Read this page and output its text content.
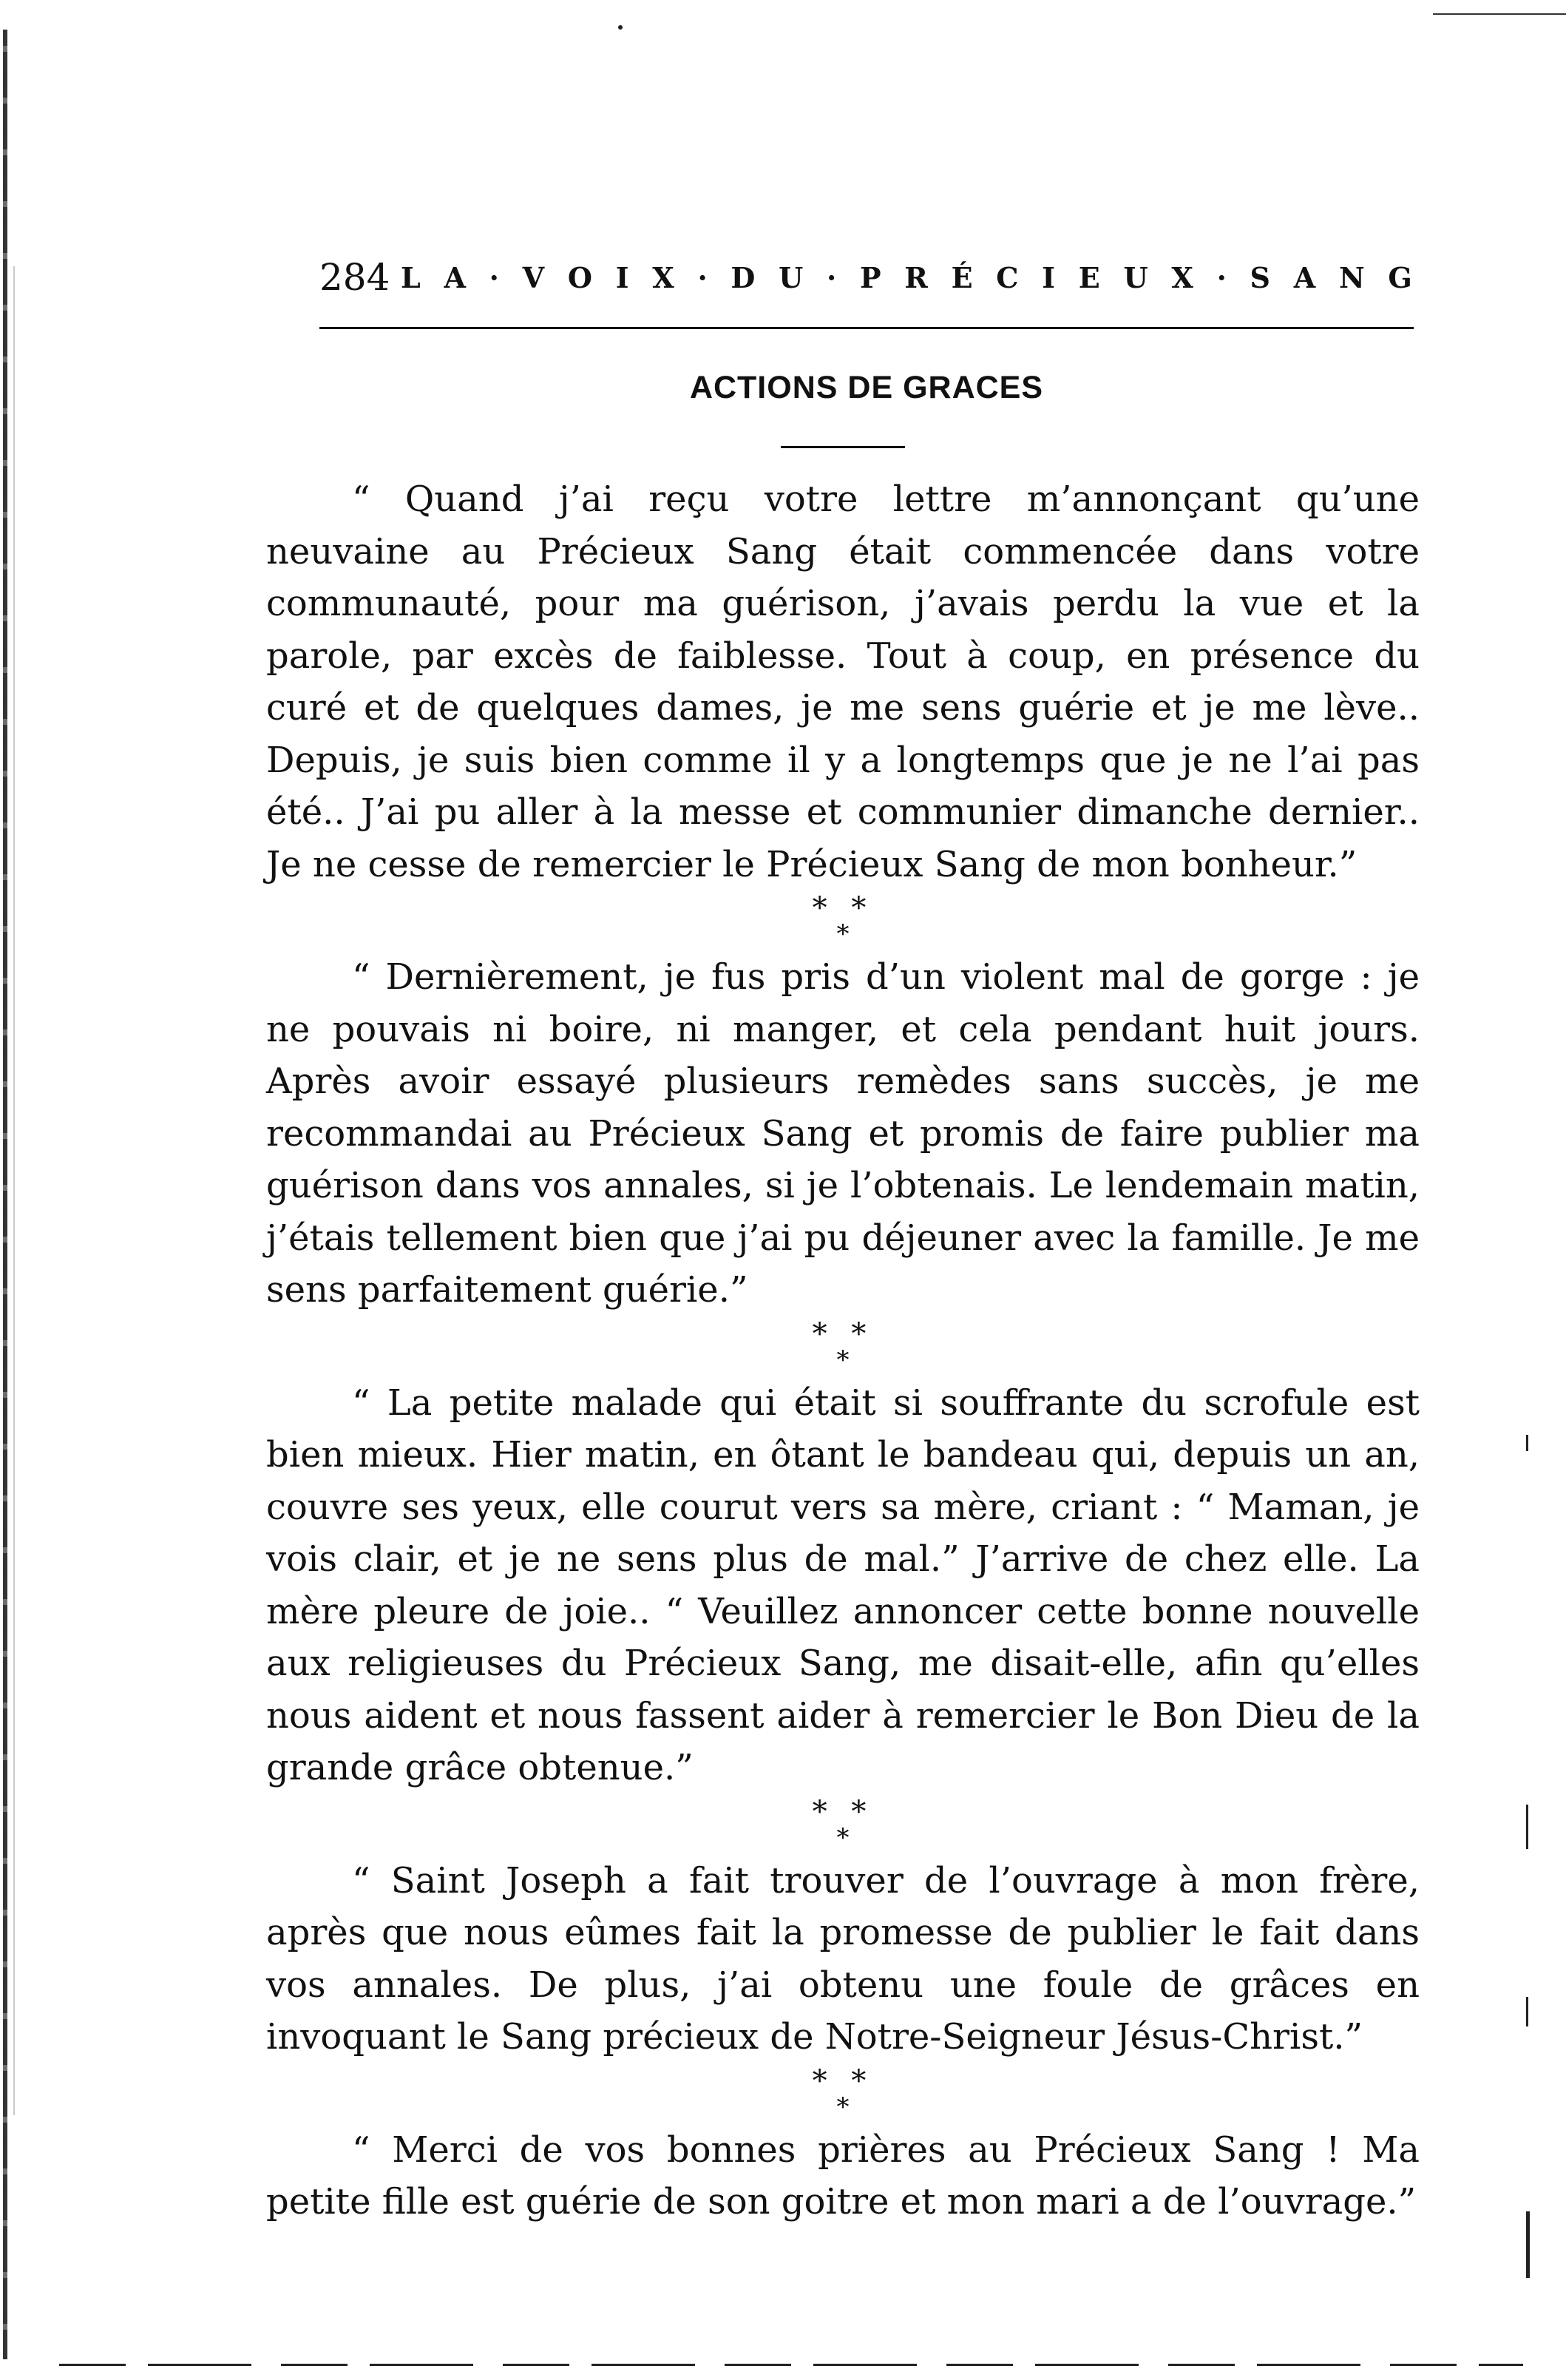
284 L A · V O I X · D U · P R É C I E U X · S A N G
ACTIONS DE GRACES

“ Quand j’ai reçu votre lettre m’annonçant qu’une neuvaine au Précieux Sang était commencée dans votre communauté, pour ma guérison, j’avais perdu la vue et la parole, par excès de faiblesse. Tout à coup, en présence du curé et de quelques dames, je me sens guérie et je me lève.. Depuis, je suis bien comme il y a longtemps que je ne l’ai pas été.. J’ai pu aller à la messe et communier dimanche dernier.. Je ne cesse de remercier le Précieux Sang de mon bonheur.”

* *
*

“ Dernièrement, je fus pris d’un violent mal de gorge : je ne pouvais ni boire, ni manger, et cela pendant huit jours. Après avoir essayé plusieurs remèdes sans succès, je me recommandai au Précieux Sang et promis de faire publier ma guérison dans vos annales, si je l’obtenais. Le lendemain matin, j’étais tellement bien que j’ai pu déjeuner avec la famille. Je me sens parfaitement guérie.”

* *
*

“ La petite malade qui était si souffrante du scrofule est bien mieux. Hier matin, en ôtant le bandeau qui, depuis un an, couvre ses yeux, elle courut vers sa mère, criant : “ Maman, je vois clair, et je ne sens plus de mal.” J’arrive de chez elle. La mère pleure de joie.. “ Veuillez annoncer cette bonne nouvelle aux religieuses du Précieux Sang, me disait-elle, afin qu’elles nous aident et nous fassent aider à remercier le Bon Dieu de la grande grâce obtenue.”

* *
*

“ Saint Joseph a fait trouver de l’ouvrage à mon frère, après que nous eûmes fait la promesse de publier le fait dans vos annales. De plus, j’ai obtenu une foule de grâces en invoquant le Sang précieux de Notre-Seigneur Jésus-Christ.”

* *
*

“ Merci de vos bonnes prières au Précieux Sang ! Ma petite fille est guérie de son goitre et mon mari a de l’ouvrage.”
